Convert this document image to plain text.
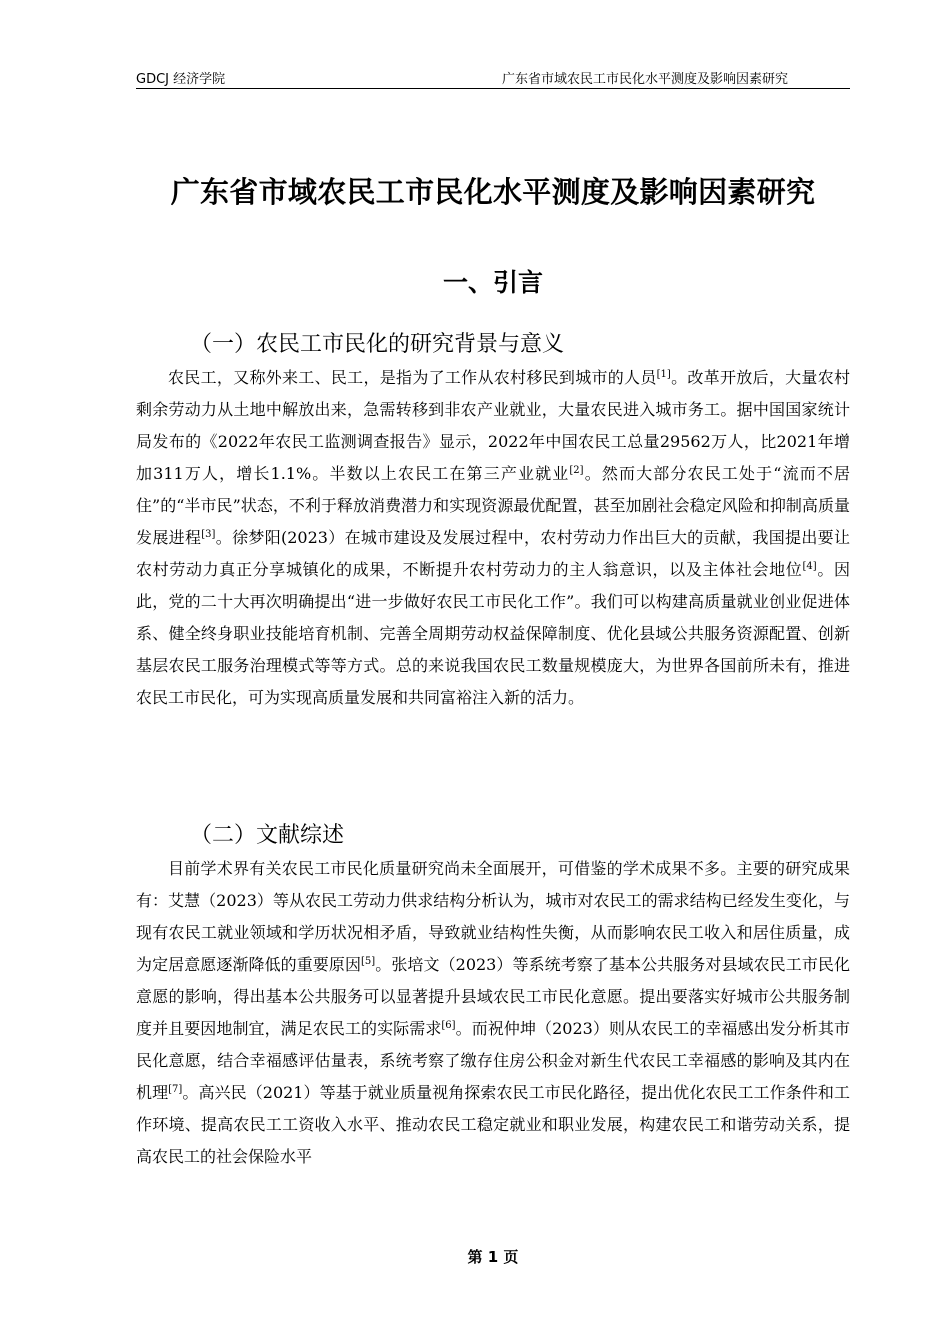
GDCJ 经济学院	广东省市域农民工市民化水平测度及影响因素研究
广东省市域农民工市民化水平测度及影响因素研究
一、引言
（一）农民工市民化的研究背景与意义
农民工，又称外来工、民工，是指为了工作从农村移民到城市的人员[1]。改革开放后，大量农村剩余劳动力从土地中解放出来，急需转移到非农产业就业，大量农民进入城市务工。据中国国家统计局发布的《2022年农民工监测调查报告》显示，2022年中国农民工总量29562万人，比2021年增加311万人，增长1.1%。半数以上农民工在第三产业就业[2]。然而大部分农民工处于“流而不居住”的“半市民”状态，不利于释放消费潜力和实现资源最优配置，甚至加剧社会稳定风险和抑制高质量发展进程[3]。徐梦阳(2023）在城市建设及发展过程中，农村劳动力作出巨大的贡献，我国提出要让农村劳动力真正分享城镇化的成果，不断提升农村劳动力的主人翁意识，以及主体社会地位[4]。因此，党的二十大再次明确提出“进一步做好农民工市民化工作”。我们可以构建高质量就业创业促进体系、健全终身职业技能培育机制、完善全周期劳动权益保障制度、优化县域公共服务资源配置、创新基层农民工服务治理模式等等方式。总的来说我国农民工数量规模庞大，为世界各国前所未有，推进农民工市民化，可为实现高质量发展和共同富裕注入新的活力。
（二）文献综述
目前学术界有关农民工市民化质量研究尚未全面展开，可借鉴的学术成果不多。主要的研究成果有：艾慧（2023）等从农民工劳动力供求结构分析认为，城市对农民工的需求结构已经发生变化，与现有农民工就业领域和学历状况相矛盾，导致就业结构性失衡，从而影响农民工收入和居住质量，成为定居意愿逐渐降低的重要原因[5]。张培文（2023）等系统考察了基本公共服务对县域农民工市民化意愿的影响，得出基本公共服务可以显著提升县域农民工市民化意愿。提出要落实好城市公共服务制度并且要因地制宜，满足农民工的实际需求[6]。而祝仲坤（2023）则从农民工的幸福感出发分析其市民化意愿，结合幸福感评估量表，系统考察了缴存住房公积金对新生代农民工幸福感的影响及其内在机理[7]。高兴民（2021）等基于就业质量视角探索农民工市民化路径，提出优化农民工工作条件和工作环境、提高农民工工资收入水平、推动农民工稳定就业和职业发展，构建农民工和谐劳动关系，提高农民工的社会保险水平
第 1 页
